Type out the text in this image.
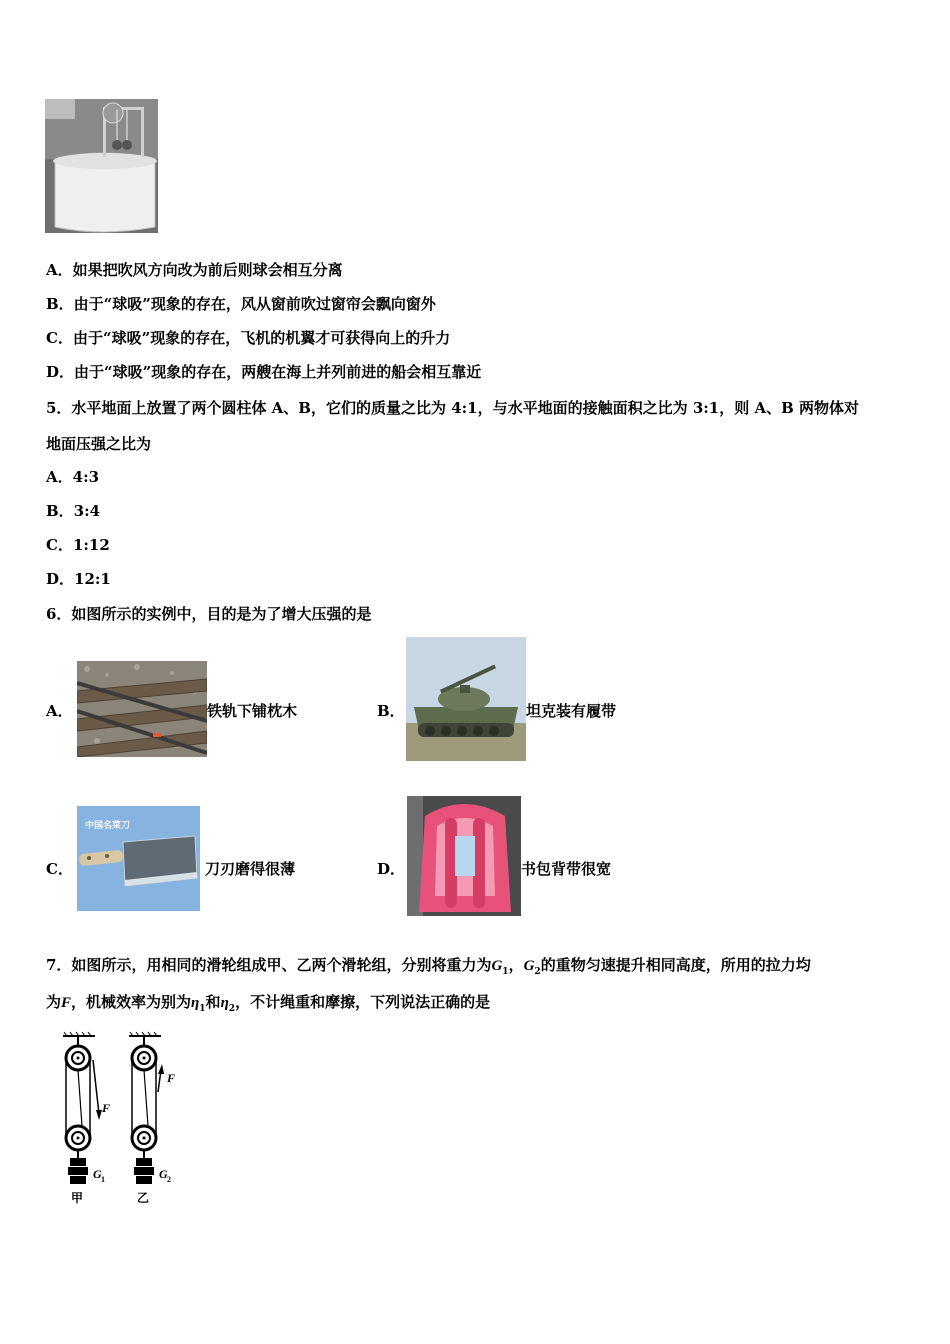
A．如果把吹风方向改为前后则球会相互分离
B．由于“球吸”现象的存在，风从窗前吹过窗帘会飘向窗外
C．由于“球吸”现象的存在，飞机的机翼才可获得向上的升力
D．由于“球吸”现象的存在，两艘在海上并列前进的船会相互靠近
5．水平地面上放置了两个圆柱体 A、B，它们的质量之比为 4:1，与水平地面的接触面积之比为 3:1，则 A、B 两物体对
地面压强之比为
A．4:3
B．3:4
C．1:12
D．12:1
6．如图所示的实例中，目的是为了增大压强的是
A．	铁轨下铺枕木	B．	坦克装有履带
C．
中国名菜刀
刀刃磨得很薄	D．	书包背带很宽
7．如图所示，用相同的滑轮组成甲、乙两个滑轮组，分别将重力为$G_1$，$G_2$的重物匀速提升相同高度，所用的拉力均
为F，机械效率为别为$\eta_1$和$\eta_2$，不计绳重和摩擦，下列说法正确的是
F
G 1
甲
F
G 2
乙
